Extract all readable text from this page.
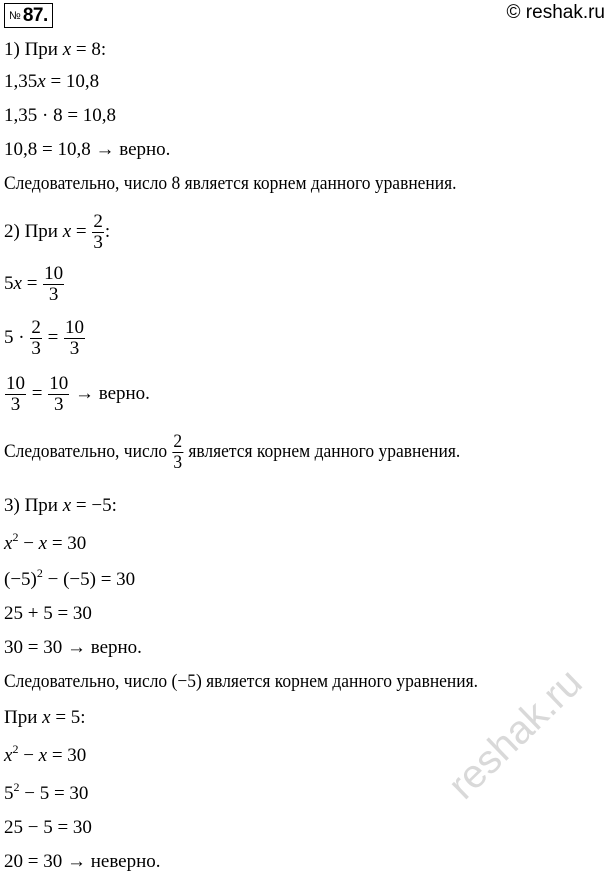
№ 87.	© reshak.ru
1) При x = 8:
1,35x = 10,8
1,35 · 8 = 10,8
10,8 = 10,8 → верно.
Следовательно, число 8 является корнем данного уравнения.
2) При $x = \frac{2}{3}$ :
$5x = \frac{10}{3}$
$5 \cdot \frac{2}{3} = \frac{10}{3}$
$\frac{10}{3} = \frac{10}{3}$ → верно.
Следовательно, число $\frac{2}{3}$ является корнем данного уравнения.
3) При x = −5:
$x^2 - x = 30$
$(-5)^2 - (-5) = 30$
25 + 5 = 30
30 = 30 → верно.
Следовательно, число (−5) является корнем данного уравнения.
При x = 5:
$x^2 - x = 30$
$5^2 - 5 = 30$
25 − 5 = 30
20 = 30 → неверно.
reshak.ru
